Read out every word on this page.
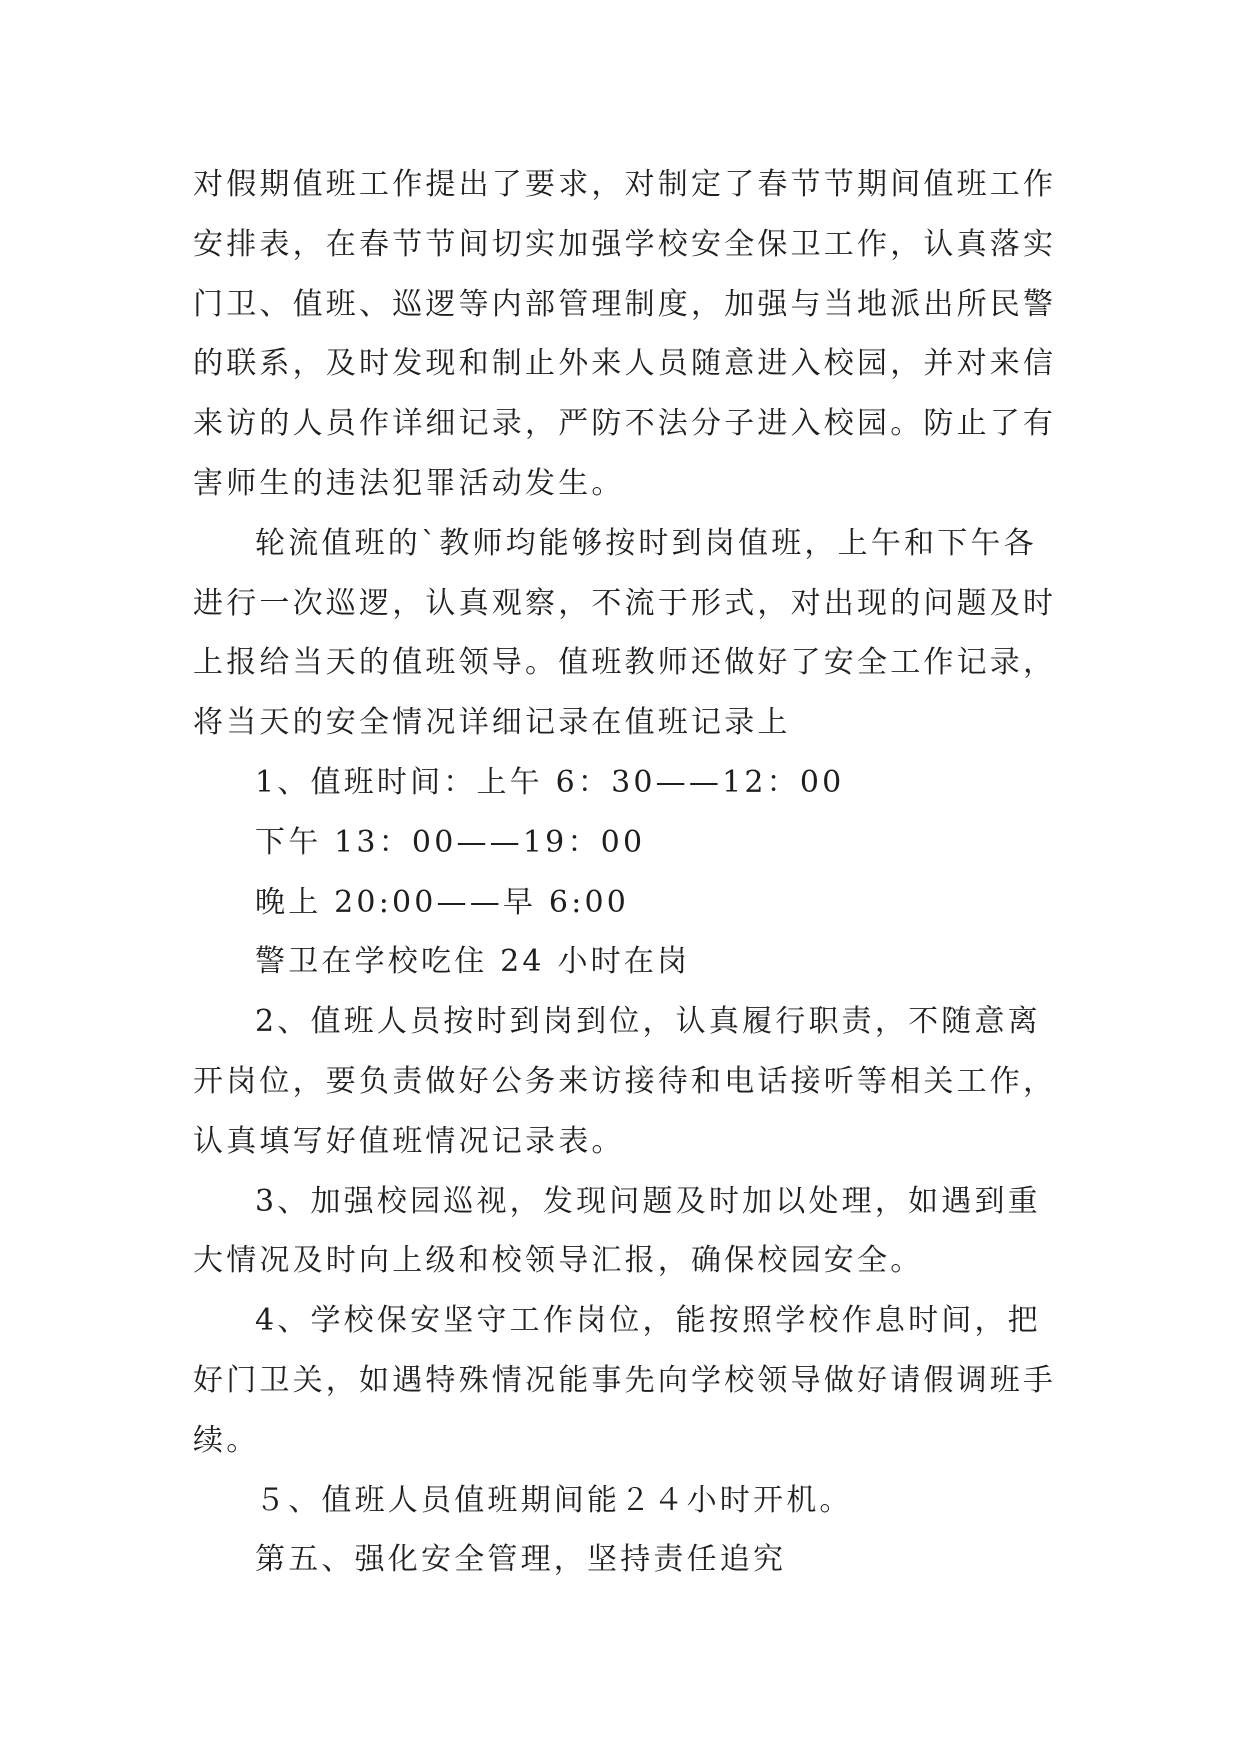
对假期值班工作提出了要求，对制定了春节节期间值班工作
安排表，在春节节间切实加强学校安全保卫工作，认真落实
门卫、值班、巡逻等内部管理制度，加强与当地派出所民警
的联系，及时发现和制止外来人员随意进入校园，并对来信
来访的人员作详细记录，严防不法分子进入校园。防止了有
害师生的违法犯罪活动发生。

轮流值班的`教师均能够按时到岗值班，上午和下午各
进行一次巡逻，认真观察，不流于形式，对出现的问题及时
上报给当天的值班领导。值班教师还做好了安全工作记录，
将当天的安全情况详细记录在值班记录上

1、值班时间：上午 6：30——12：00

下午 13：00——19：00

晚上 20:00——早 6:00

警卫在学校吃住 24 小时在岗

2、值班人员按时到岗到位，认真履行职责，不随意离
开岗位，要负责做好公务来访接待和电话接听等相关工作，
认真填写好值班情况记录表。

3、加强校园巡视，发现问题及时加以处理，如遇到重
大情况及时向上级和校领导汇报，确保校园安全。

4、学校保安坚守工作岗位，能按照学校作息时间，把
好门卫关，如遇特殊情况能事先向学校领导做好请假调班手
续。

５、值班人员值班期间能２４小时开机。

第五、强化安全管理，坚持责任追究
